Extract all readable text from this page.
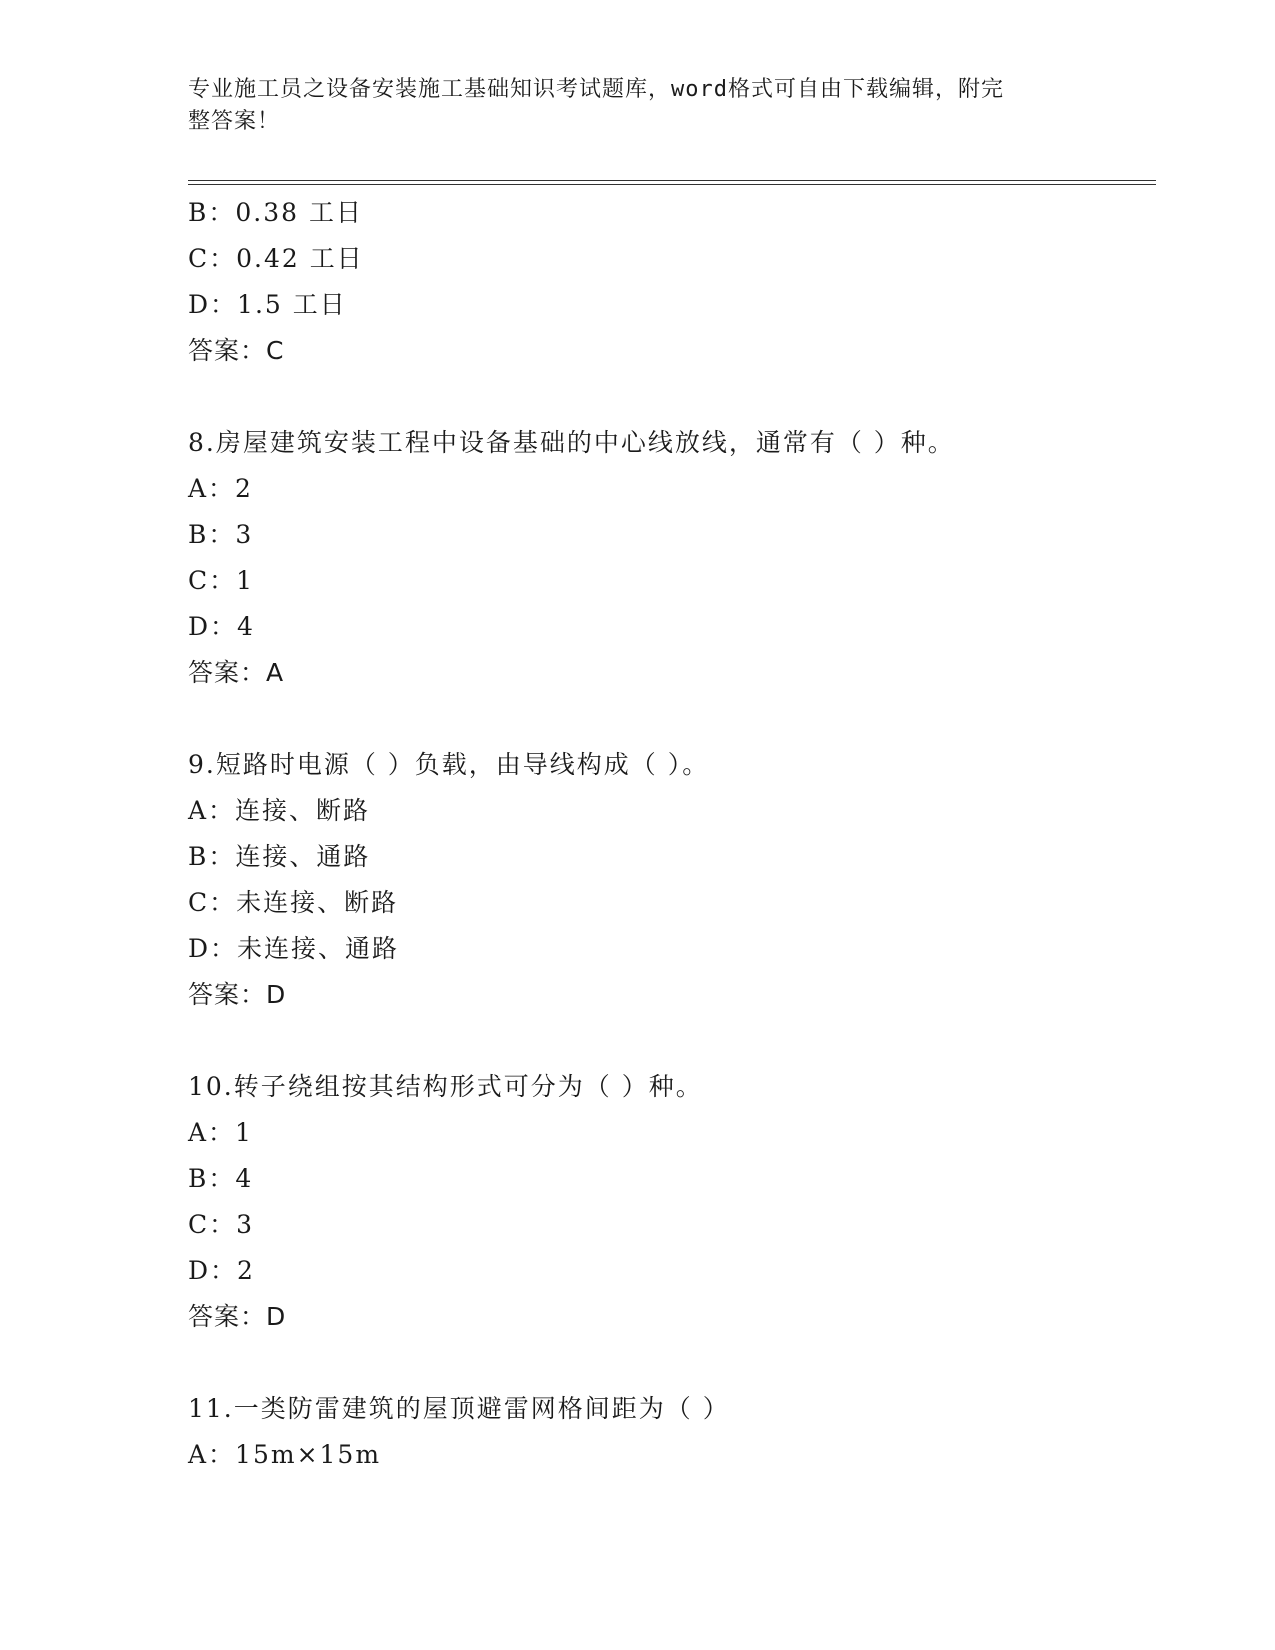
专业施工员之设备安装施工基础知识考试题库，word格式可自由下载编辑，附完
整答案！
B：0.38 工日
C：0.42 工日
D：1.5 工日
答案：C
8.房屋建筑安装工程中设备基础的中心线放线，通常有（ ）种。
A：2
B：3
C：1
D：4
答案：A
9.短路时电源（ ）负载，由导线构成（ ）。
A：连接、断路
B：连接、通路
C：未连接、断路
D：未连接、通路
答案：D
10.转子绕组按其结构形式可分为（ ）种。
A：1
B：4
C：3
D：2
答案：D
11.一类防雷建筑的屋顶避雷网格间距为（ ）
A：15m×15m
